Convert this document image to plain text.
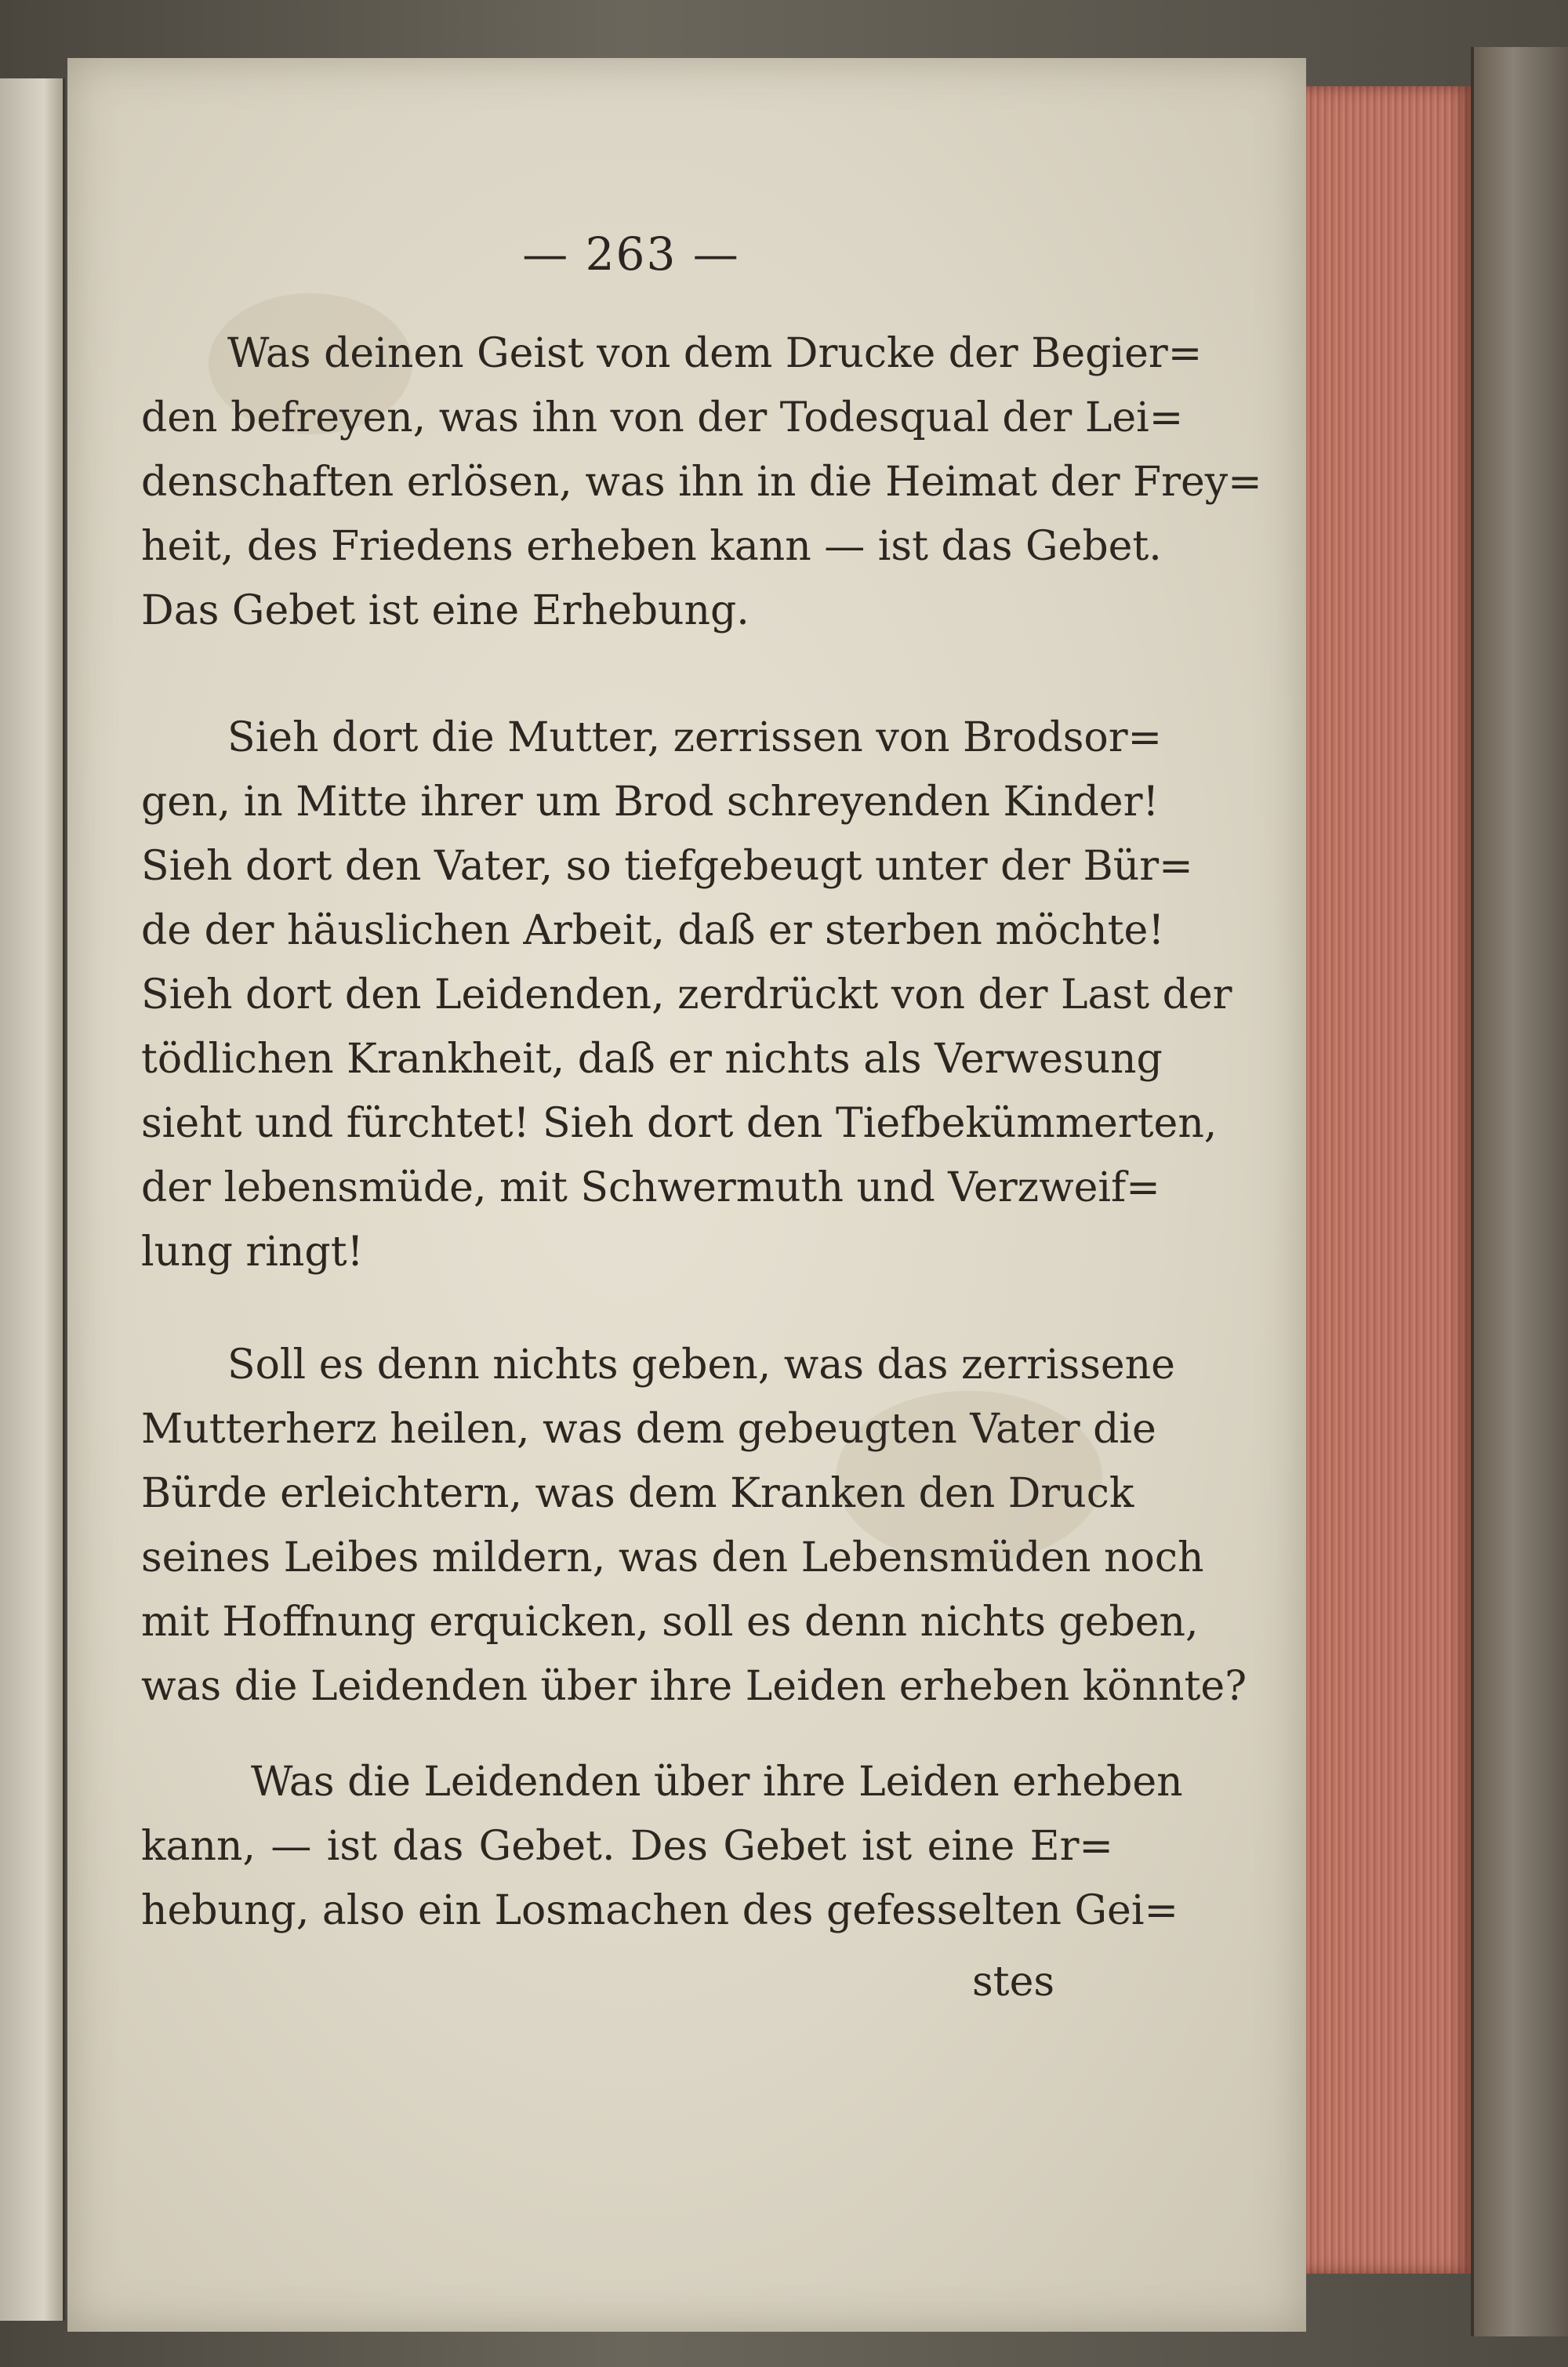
— 263 —
Was deinen Geist von dem Drucke der Begier=
den befreyen, was ihn von der Todesqual der Lei=
denschaften erlösen, was ihn in die Heimat der Frey=
heit, des Friedens erheben kann — ist das Gebet.
Das Gebet ist eine Erhebung.
Sieh dort die Mutter, zerrissen von Brodsor=
gen, in Mitte ihrer um Brod schreyenden Kinder!
Sieh dort den Vater, so tiefgebeugt unter der Bür=
de der häuslichen Arbeit, daß er sterben möchte!
Sieh dort den Leidenden, zerdrückt von der Last der
tödlichen Krankheit, daß er nichts als Verwesung
sieht und fürchtet! Sieh dort den Tiefbekümmerten,
der lebensmüde, mit Schwermuth und Verzweif=
lung ringt!
Soll es denn nichts geben, was das zerrissene
Mutterherz heilen, was dem gebeugten Vater die
Bürde erleichtern, was dem Kranken den Druck
seines Leibes mildern, was den Lebensmüden noch
mit Hoffnung erquicken, soll es denn nichts geben,
was die Leidenden über ihre Leiden erheben könnte?
Was die Leidenden über ihre Leiden erheben
kann, — ist das Gebet. Des Gebet ist eine Er=
hebung, also ein Losmachen des gefesselten Gei=
stes
